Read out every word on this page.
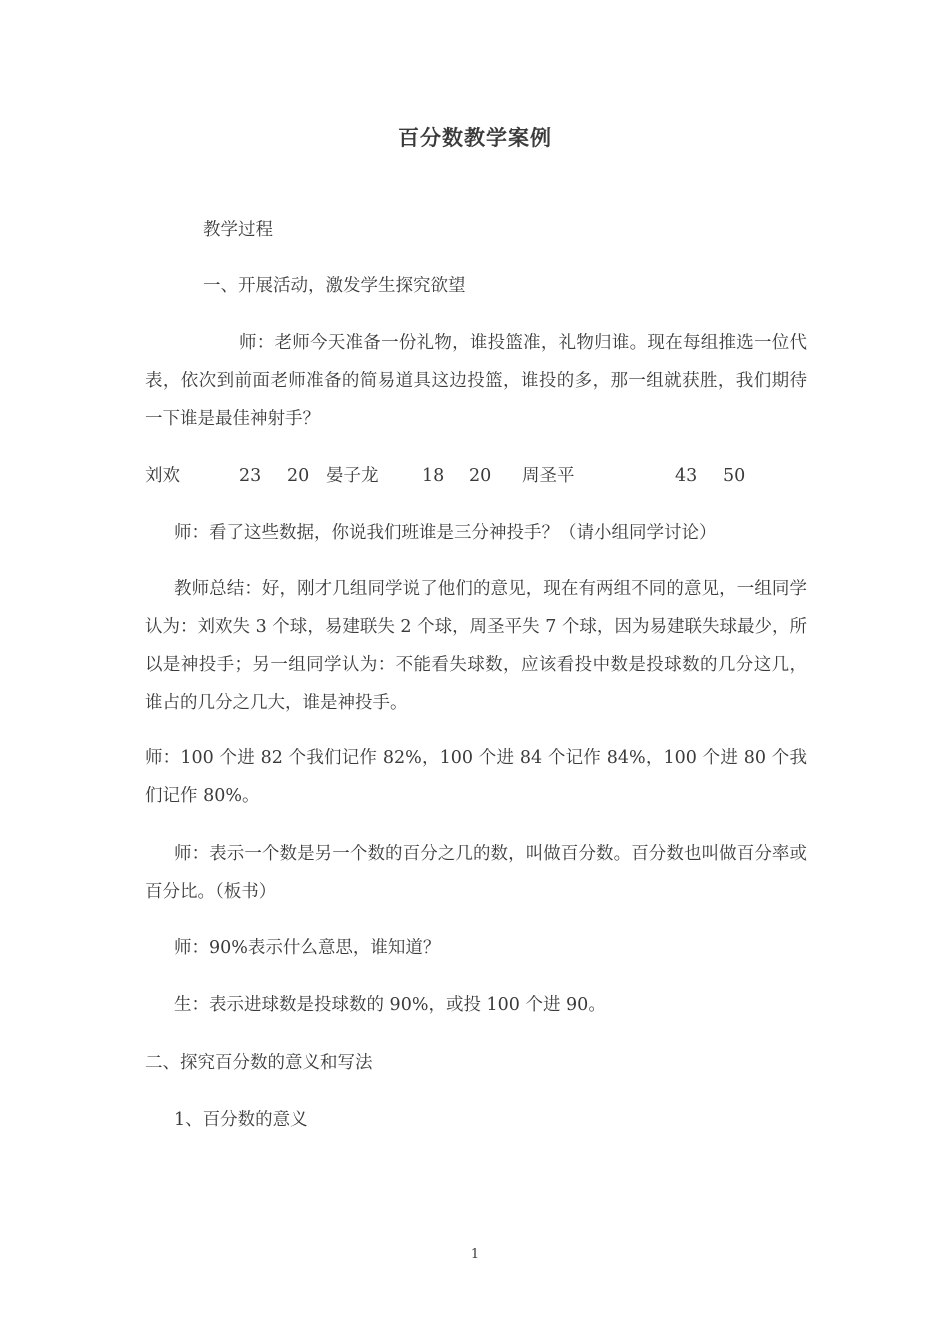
百分数教学案例
教学过程
一、开展活动，激发学生探究欲望
师：老师今天准备一份礼物，谁投篮准，礼物归谁。现在每组推选一位代表，依次到前面老师准备的简易道具这边投篮，谁投的多，那一组就获胜，我们期待一下谁是最佳神射手？
刘欢	23 20 晏子龙 18 20 周圣平	43 50
师：看了这些数据，你说我们班谁是三分神投手？（请小组同学讨论）
教师总结：好，刚才几组同学说了他们的意见，现在有两组不同的意见，一组同学认为：刘欢失 3 个球，易建联失 2 个球，周圣平失 7 个球，因为易建联失球最少，所以是神投手；另一组同学认为：不能看失球数，应该看投中数是投球数的几分这几，谁占的几分之几大，谁是神投手。
师：100 个进 82 个我们记作 82%，100 个进 84 个记作 84%，100 个进 80 个我们记作 80%。
师：表示一个数是另一个数的百分之几的数，叫做百分数。百分数也叫做百分率或百分比。（板书）
师：90%表示什么意思，谁知道？
生：表示进球数是投球数的 90%，或投 100 个进 90。
二、探究百分数的意义和写法
1、百分数的意义
1
